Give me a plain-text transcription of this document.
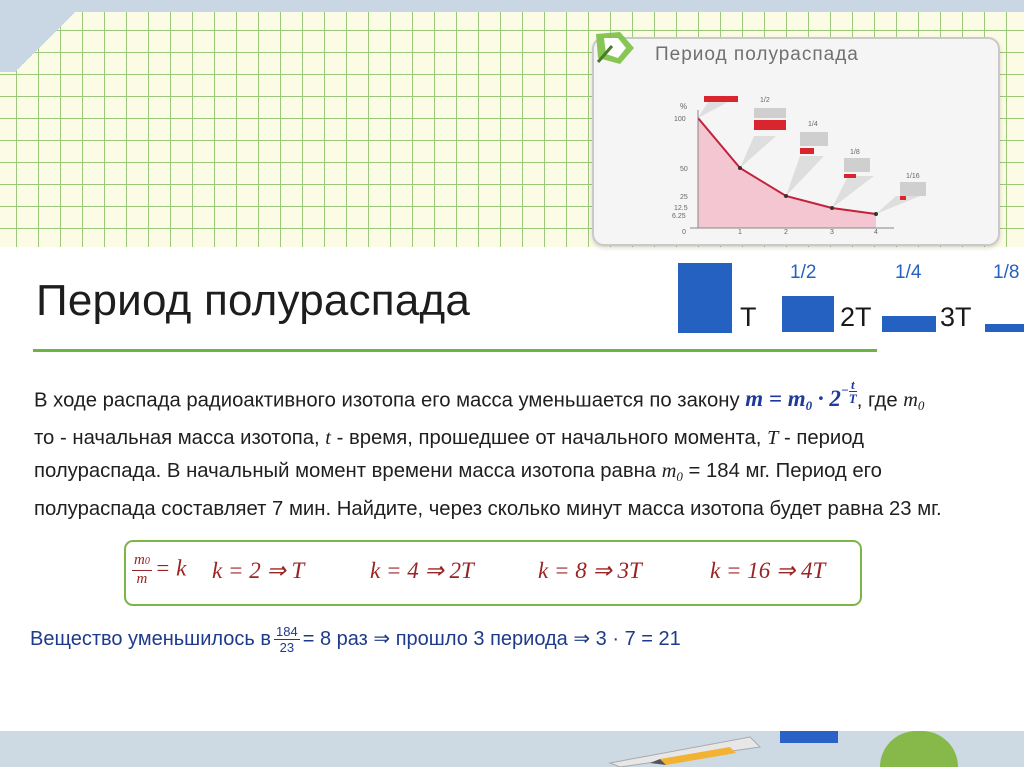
Период полураспада
%
100
50
25
12.5
6.25
0	1	2	3	4
1/2
1/4
1/8
1/16
Период полураспада	T
1/2
2T
1/4
3T
1/8
В ходе распада радиоактивного изотопа его масса уменьшается по закону $m = m_0 \cdot 2- \frac{t}{T}$ , где $m_0$
то - начальная масса изотопа, t - время, прошедшее от начального момента, T - период
полураспада. В начальный момент времени масса изотопа равна $m_0 = 184$ мг. Период его
полураспада составляет 7 мин. Найдите, через сколько минут масса изотопа будет равна 23 мг.
$\frac{m0}{m} = k$ k = 2 ⇒ T	k = 4 ⇒ 2T	k = 8 ⇒ 3T	k = 16 ⇒ 4T
Вещество уменьшилось в $\frac{184}{23} = 8$ раз ⇒ прошло 3 периода ⇒ 3 · 7 = 21
